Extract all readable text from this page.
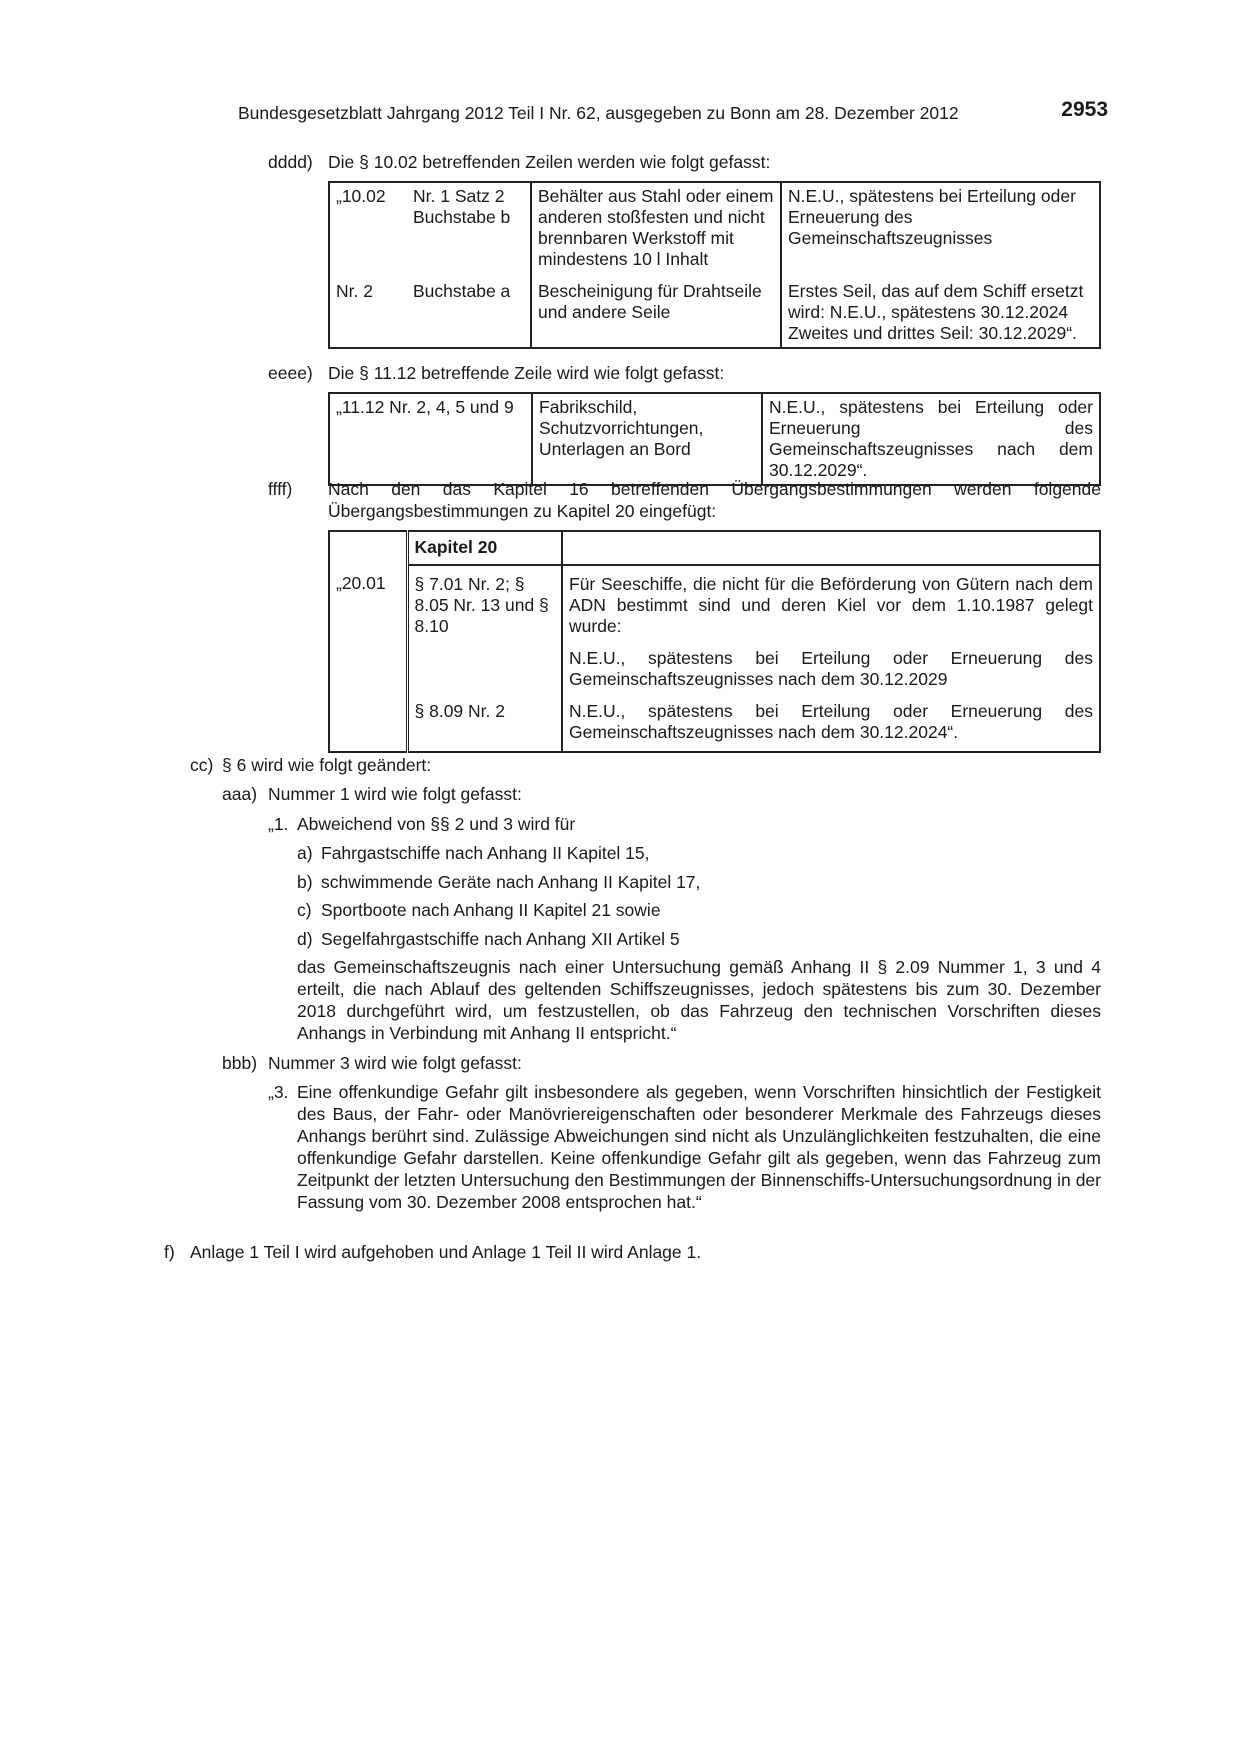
Bundesgesetzblatt Jahrgang 2012 Teil I Nr. 62, ausgegeben zu Bonn am 28. Dezember 2012	2953
dddd) Die § 10.02 betreffenden Zeilen werden wie folgt gefasst:
„10.02	Nr. 1 Satz 2 Buchstabe b	Behälter aus Stahl oder einem anderen stoßfesten und nicht brennbaren Werkstoff mit mindestens 10 l Inhalt	N.E.U., spätestens bei Erteilung oder Erneuerung des Gemeinschaftszeugnisses
Nr. 2	Buchstabe a	Bescheinigung für Drahtseile und andere Seile	Erstes Seil, das auf dem Schiff ersetzt wird: N.E.U., spätestens 30.12.2024 Zweites und drittes Seil: 30.12.2029“.
eeee) Die § 11.12 betreffende Zeile wird wie folgt gefasst:
„11.12 Nr. 2, 4, 5 und 9	Fabrikschild, Schutzvorrichtungen, Unterlagen an Bord	N.E.U., spätestens bei Erteilung oder Erneuerung des Gemeinschaftszeugnisses nach dem 30.12.2029“.
ffff) Nach den das Kapitel 16 betreffenden Übergangsbestimmungen werden folgende Übergangsbestimmungen zu Kapitel 20 eingefügt:
	Kapitel 20	
„20.01	§ 7.01 Nr. 2; § 8.05 Nr. 13 und § 8.10	Für Seeschiffe, die nicht für die Beförderung von Gütern nach dem ADN bestimmt sind und deren Kiel vor dem 1.10.1987 gelegt wurde:
		N.E.U., spätestens bei Erteilung oder Erneuerung des Gemeinschaftszeugnisses nach dem 30.12.2029
	§ 8.09 Nr. 2	N.E.U., spätestens bei Erteilung oder Erneuerung des Gemeinschaftszeugnisses nach dem 30.12.2024“.
cc) § 6 wird wie folgt geändert:
aaa) Nummer 1 wird wie folgt gefasst:
„1. Abweichend von §§ 2 und 3 wird für
a) Fahrgastschiffe nach Anhang II Kapitel 15,
b) schwimmende Geräte nach Anhang II Kapitel 17,
c) Sportboote nach Anhang II Kapitel 21 sowie
d) Segelfahrgastschiffe nach Anhang XII Artikel 5
das Gemeinschaftszeugnis nach einer Untersuchung gemäß Anhang II § 2.09 Nummer 1, 3 und 4 erteilt, die nach Ablauf des geltenden Schiffszeugnisses, jedoch spätestens bis zum 30. Dezember 2018 durchgeführt wird, um festzustellen, ob das Fahrzeug den technischen Vorschriften dieses Anhangs in Verbindung mit Anhang II entspricht.“
bbb) Nummer 3 wird wie folgt gefasst:
„3. Eine offenkundige Gefahr gilt insbesondere als gegeben, wenn Vorschriften hinsichtlich der Festigkeit des Baus, der Fahr- oder Manövriereigenschaften oder besonderer Merkmale des Fahrzeugs dieses Anhangs berührt sind. Zulässige Abweichungen sind nicht als Unzulänglichkeiten festzuhalten, die eine offenkundige Gefahr darstellen. Keine offenkundige Gefahr gilt als gegeben, wenn das Fahrzeug zum Zeitpunkt der letzten Untersuchung den Bestimmungen der Binnenschiffs-Untersuchungsordnung in der Fassung vom 30. Dezember 2008 entsprochen hat.“
f) Anlage 1 Teil I wird aufgehoben und Anlage 1 Teil II wird Anlage 1.
